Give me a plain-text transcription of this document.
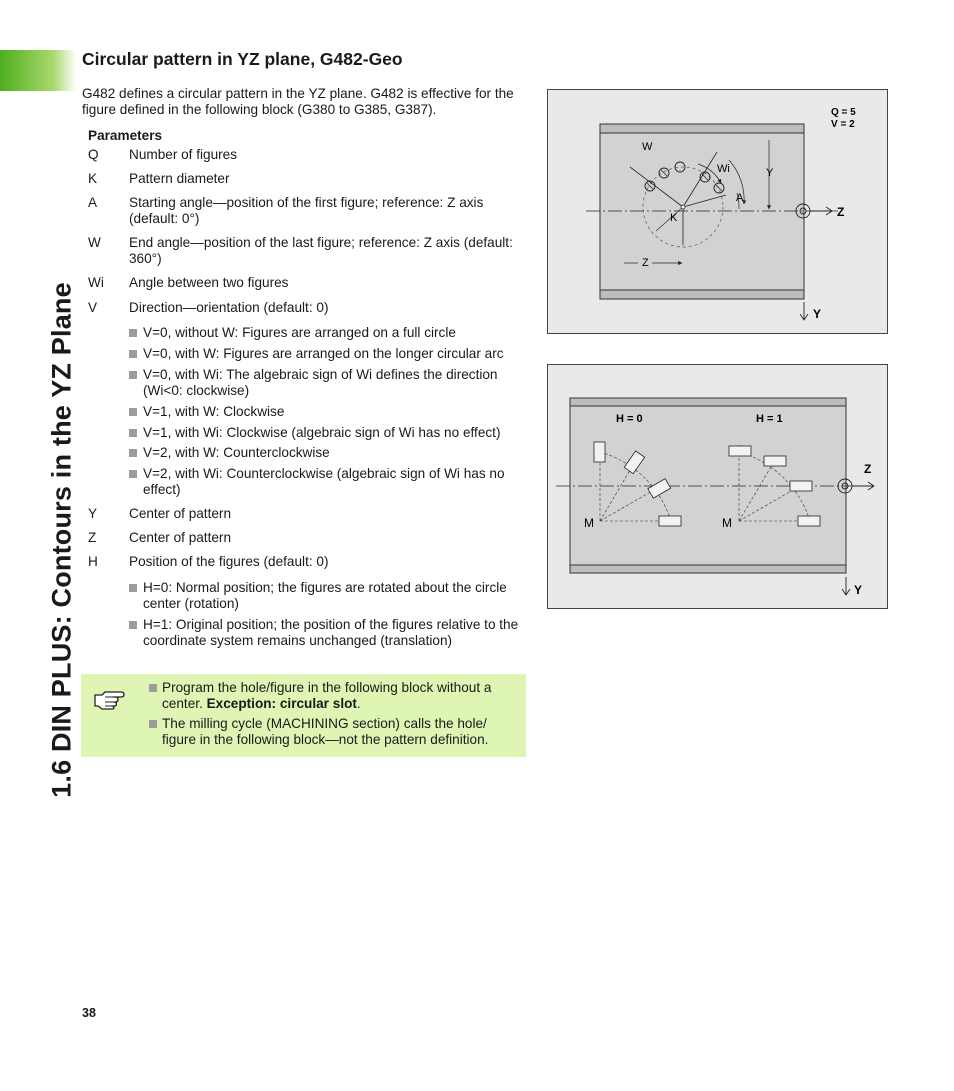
1.6 DIN PLUS: Contours in the YZ Plane
Circular pattern in YZ plane, G482-Geo

G482 defines a circular pattern in the YZ plane. G482 is effective for the figure defined in the following block (G380 to G385, G387).

Parameters
Q Number of figures
K Pattern diameter
A Starting angle—position of the first figure; reference: Z axis (default: 0°)
W End angle—position of the last figure; reference: Z axis (default: 360°)
Wi Angle between two figures
V Direction—orientation (default: 0)
V=0, without W: Figures are arranged on a full circle
V=0, with W: Figures are arranged on the longer circular arc
V=0, with Wi: The algebraic sign of Wi defines the direction (Wi<0: clockwise)
V=1, with W: Clockwise
V=1, with Wi: Clockwise (algebraic sign of Wi has no effect)
V=2, with W: Counterclockwise
V=2, with Wi: Counterclockwise (algebraic sign of Wi has no effect)
Y Center of pattern
Z Center of pattern
H Position of the figures (default: 0)
H=0: Normal position; the figures are rotated about the circle center (rotation)
H=1: Original position; the position of the figures relative to the coordinate system remains unchanged (translation)
Program the hole/figure in the following block without a center. Exception: circular slot.
The milling cycle (MACHINING section) calls the hole/ figure in the following block—not the pattern definition.
Q = 5
V = 2
W
Wi	Y
A
K
Z
Z
Y
H = 0	H = 1
M	M
Z
Y
38
